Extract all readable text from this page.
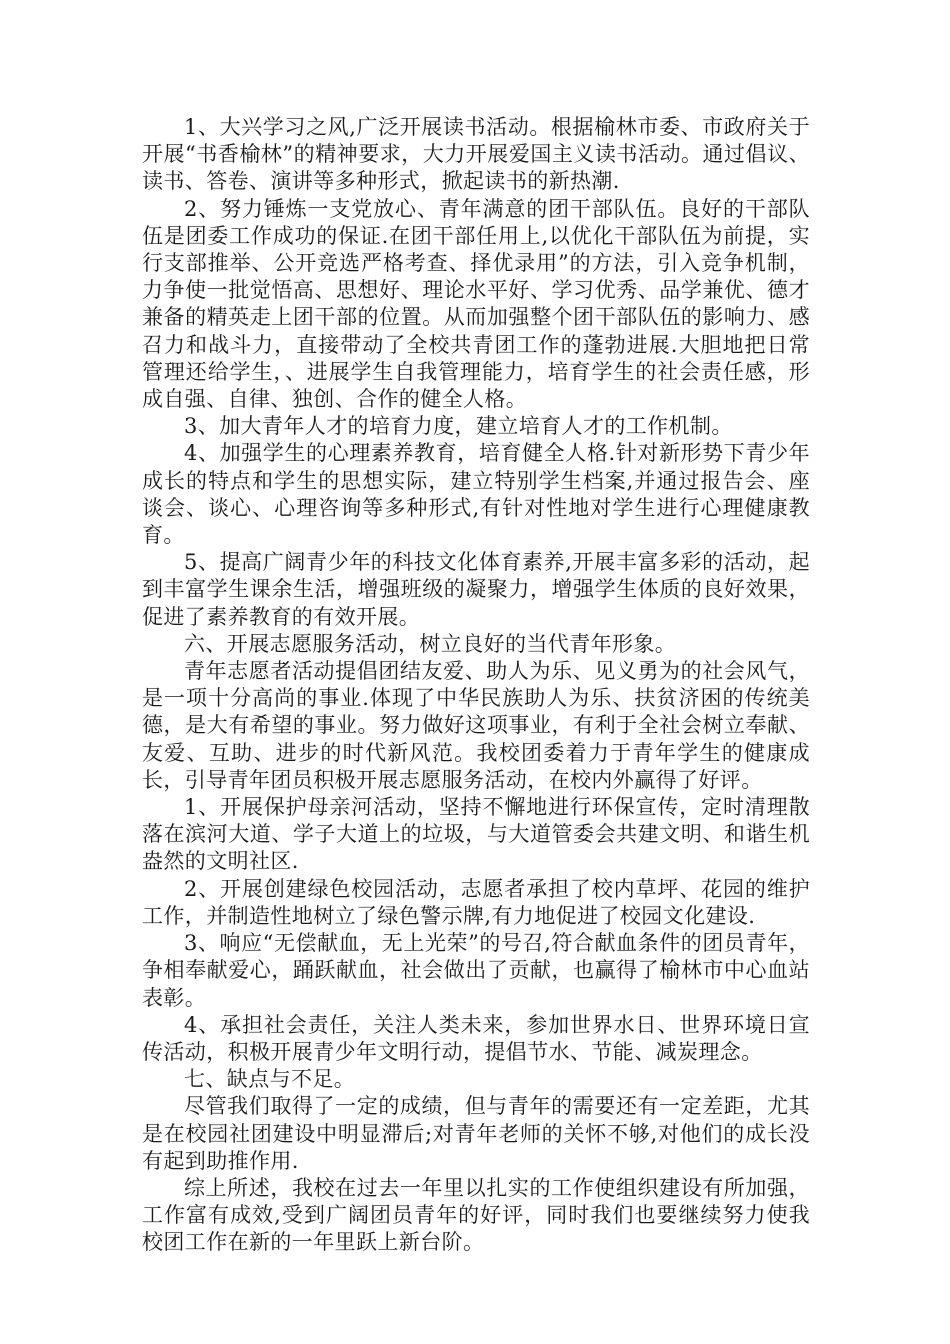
1、大兴学习之风,广泛开展读书活动。根据榆林市委、市政府关于开展“书香榆林”的精神要求，大力开展爱国主义读书活动。通过倡议、读书、答卷、演讲等多种形式，掀起读书的新热潮.

2、努力锤炼一支党放心、青年满意的团干部队伍。良好的干部队伍是团委工作成功的保证.在团干部任用上,以优化干部队伍为前提，实行支部推举、公开竞选严格考查、择优录用”的方法，引入竞争机制，力争使一批觉悟高、思想好、理论水平好、学习优秀、品学兼优、德才兼备的精英走上团干部的位置。从而加强整个团干部队伍的影响力、感召力和战斗力，直接带动了全校共青团工作的蓬勃进展.大胆地把日常管理还给学生，、进展学生自我管理能力，培育学生的社会责任感，形成自强、自律、独创、合作的健全人格。

3、加大青年人才的培育力度，建立培育人才的工作机制。

4、加强学生的心理素养教育，培育健全人格.针对新形势下青少年成长的特点和学生的思想实际，建立特别学生档案,并通过报告会、座谈会、谈心、心理咨询等多种形式,有针对性地对学生进行心理健康教育。

5、提高广阔青少年的科技文化体育素养,开展丰富多彩的活动，起到丰富学生课余生活，增强班级的凝聚力，增强学生体质的良好效果，促进了素养教育的有效开展。

六、开展志愿服务活动，树立良好的当代青年形象。

青年志愿者活动提倡团结友爱、助人为乐、见义勇为的社会风气，是一项十分高尚的事业.体现了中华民族助人为乐、扶贫济困的传统美德，是大有希望的事业。努力做好这项事业，有利于全社会树立奉献、友爱、互助、进步的时代新风范。我校团委着力于青年学生的健康成长，引导青年团员积极开展志愿服务活动，在校内外赢得了好评。

1、开展保护母亲河活动，坚持不懈地进行环保宣传，定时清理散落在滨河大道、学子大道上的垃圾，与大道管委会共建文明、和谐生机盎然的文明社区.

2、开展创建绿色校园活动，志愿者承担了校内草坪、花园的维护工作，并制造性地树立了绿色警示牌,有力地促进了校园文化建设.

3、响应“无偿献血，无上光荣”的号召,符合献血条件的团员青年，争相奉献爱心，踊跃献血，社会做出了贡献，也赢得了榆林市中心血站表彰。

4、承担社会责任，关注人类未来，参加世界水日、世界环境日宣传活动，积极开展青少年文明行动，提倡节水、节能、减炭理念。

七、缺点与不足。

尽管我们取得了一定的成绩，但与青年的需要还有一定差距，尤其是在校园社团建设中明显滞后;对青年老师的关怀不够,对他们的成长没有起到助推作用.

综上所述，我校在过去一年里以扎实的工作使组织建设有所加强，工作富有成效,受到广阔团员青年的好评，同时我们也要继续努力使我校团工作在新的一年里跃上新台阶。
